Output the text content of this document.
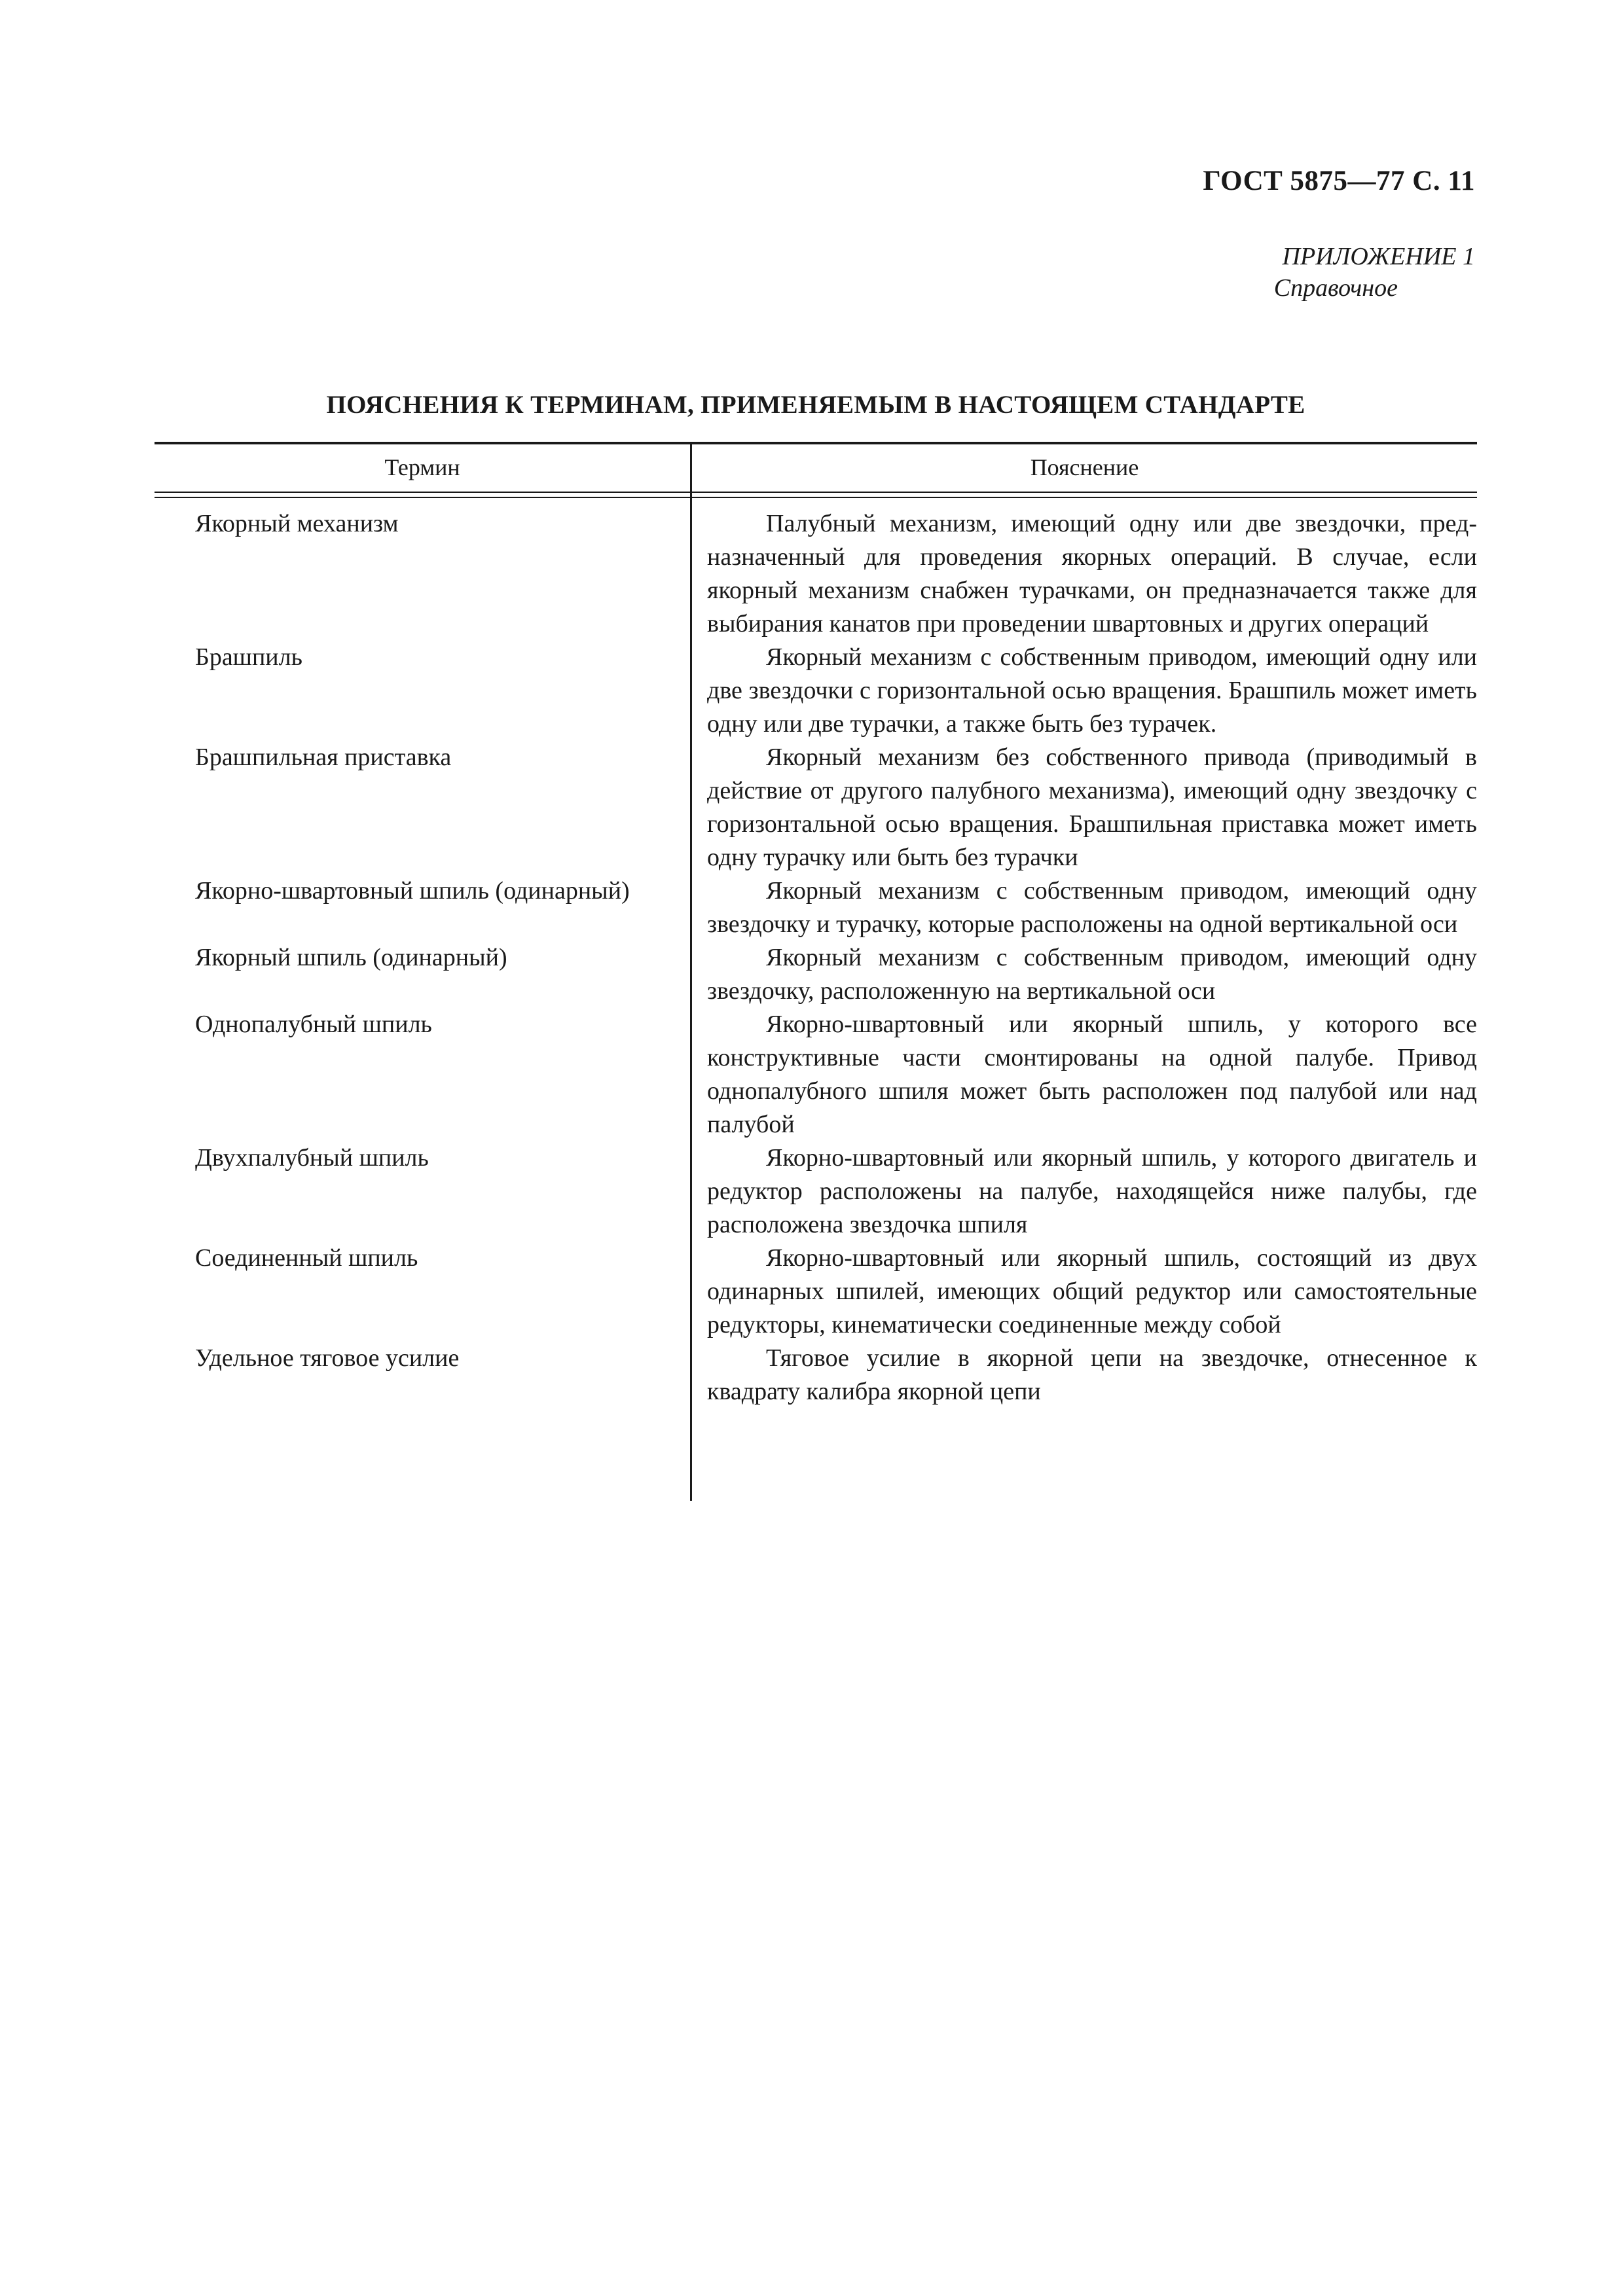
ГОСТ 5875—77 С. 11
ПРИЛОЖЕНИЕ 1

Справочное
ПОЯСНЕНИЯ К ТЕРМИНАМ, ПРИМЕНЯЕМЫМ В НАСТОЯЩЕМ СТАНДАРТЕ
Термин	Пояснение
Якорный механизм	Палубный механизм, имеющий одну или две звездочки, предназначенный для проведения якорных операций. В случае, если якорный механизм снабжен турачками, он предназначается также для выбирания канатов при проведении швартовных и других операций
Брашпиль	Якорный механизм с собственным приводом, имеющий одну или две звездочки с горизонтальной осью вращения. Брашпиль может иметь одну или две турачки, а также быть без турачек.
Брашпильная приставка	Якорный механизм без собственного привода (приводимый в действие от другого палубного механизма), имеющий одну звездочку с горизонтальной осью вращения. Брашпильная приставка может иметь одну турачку или быть без турачки
Якорно-швартовный шпиль (одинарный)	Якорный механизм с собственным приводом, имеющий одну звездочку и турачку, которые расположены на одной вертикальной оси
Якорный шпиль (одинарный)	Якорный механизм с собственным приводом, имеющий одну звездочку, расположенную на вертикальной оси
Однопалубный шпиль	Якорно-швартовный или якорный шпиль, у которого все конструктивные части смонтированы на одной палубе. Привод однопалубного шпиля может быть расположен под палубой или над палубой
Двухпалубный шпиль	Якорно-швартовный или якорный шпиль, у которого двигатель и редуктор расположены на палубе, находящейся ниже палубы, где расположена звездочка шпиля
Соединенный шпиль	Якорно-швартовный или якорный шпиль, состоящий из двух одинарных шпилей, имеющих общий редуктор или самостоятельные редукторы, кинематически соединенные между собой
Удельное тяговое усилие	Тяговое усилие в якорной цепи на звездочке, отнесенное к квадрату калибра якорной цепи
